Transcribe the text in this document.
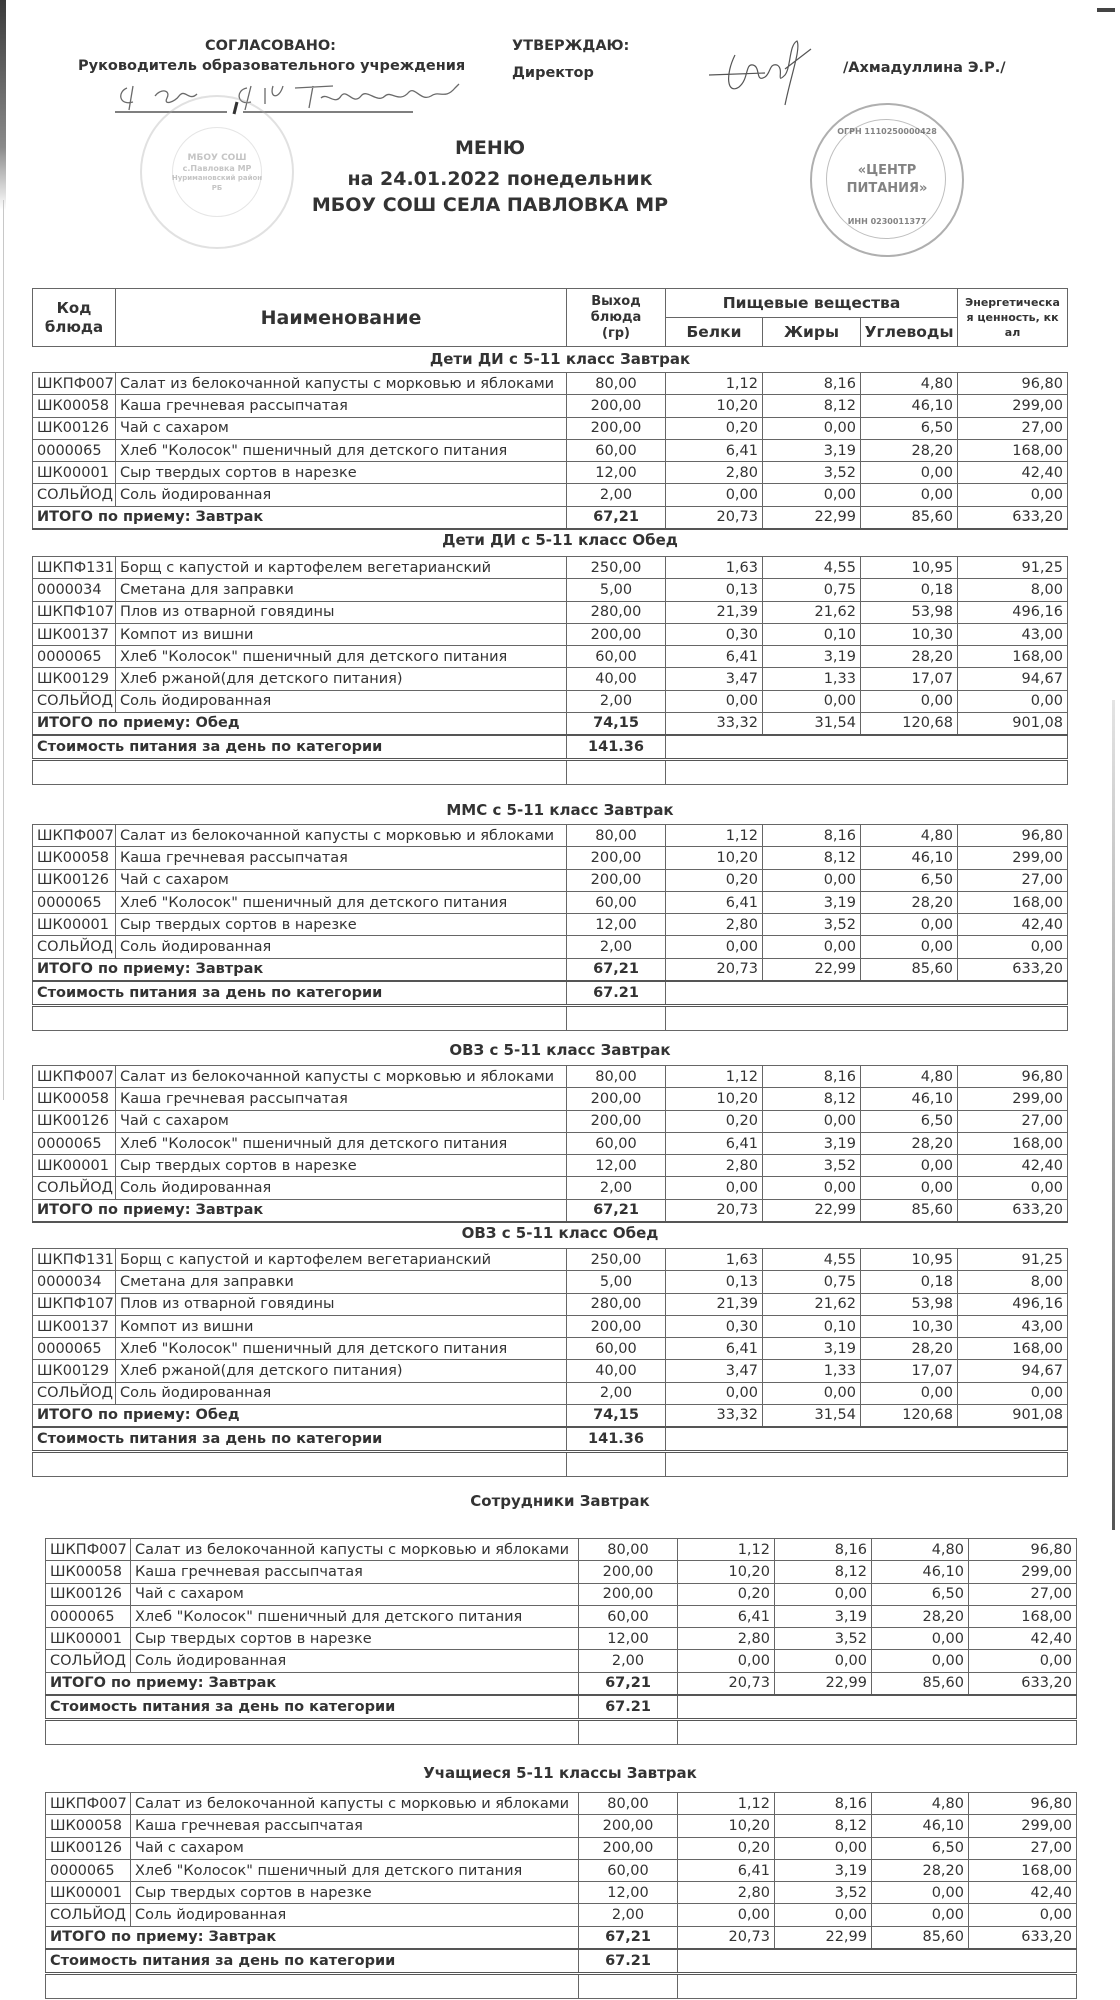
СОГЛАСОВАНО:
Руководитель образовательного учреждения
УТВЕРЖДАЮ:
Директор	/Ахмадуллина Э.Р./
МБОУ СОШ
с.Павловка МР
Нуримановский район
РБ
ОГРН 1110250000428
«ЦЕНТР
ПИТАНИЯ»
ИНН 0230011377
МЕНЮ
на 24.01.2022 понедельник
МБОУ СОШ СЕЛА ПАВЛОВКА МР
Код блюда	Наименование	Выход блюда (гр)	Пищевые вещества			Энергетическая ценность, ккал
			Белки	Жиры	Углеводы	
Дети ДИ с 5-11 класс Завтрак
ШКПФ007	Салат из белокочанной капусты с морковью и яблоками	80,00	1,12	8,16	4,80	96,80
ШК00058	Каша гречневая рассыпчатая	200,00	10,20	8,12	46,10	299,00
ШК00126	Чай с сахаром	200,00	0,20	0,00	6,50	27,00
0000065	Хлеб "Колосок" пшеничный для детского питания	60,00	6,41	3,19	28,20	168,00
ШК00001	Сыр твердых сортов в нарезке	12,00	2,80	3,52	0,00	42,40
СОЛЬЙОД	Соль йодированная	2,00	0,00	0,00	0,00	0,00
ИТОГО по приему: Завтрак		67,21	20,73	22,99	85,60	633,20
Дети ДИ с 5-11 класс Обед
ШКПФ131	Борщ с капустой и картофелем вегетарианский	250,00	1,63	4,55	10,95	91,25
0000034	Сметана для заправки	5,00	0,13	0,75	0,18	8,00
ШКПФ107	Плов из отварной говядины	280,00	21,39	21,62	53,98	496,16
ШК00137	Компот из вишни	200,00	0,30	0,10	10,30	43,00
0000065	Хлеб "Колосок" пшеничный для детского питания	60,00	6,41	3,19	28,20	168,00
ШК00129	Хлеб ржаной(для детского питания)	40,00	3,47	1,33	17,07	94,67
СОЛЬЙОД	Соль йодированная	2,00	0,00	0,00	0,00	0,00
ИТОГО по приему: Обед		74,15	33,32	31,54	120,68	901,08
Стоимость питания за день по категории		141.36				

ММС с 5-11 класс Завтрак
ШКПФ007	Салат из белокочанной капусты с морковью и яблоками	80,00	1,12	8,16	4,80	96,80
ШК00058	Каша гречневая рассыпчатая	200,00	10,20	8,12	46,10	299,00
ШК00126	Чай с сахаром	200,00	0,20	0,00	6,50	27,00
0000065	Хлеб "Колосок" пшеничный для детского питания	60,00	6,41	3,19	28,20	168,00
ШК00001	Сыр твердых сортов в нарезке	12,00	2,80	3,52	0,00	42,40
СОЛЬЙОД	Соль йодированная	2,00	0,00	0,00	0,00	0,00
ИТОГО по приему: Завтрак		67,21	20,73	22,99	85,60	633,20
Стоимость питания за день по категории		67.21				

ОВЗ с 5-11 класс Завтрак
ШКПФ007	Салат из белокочанной капусты с морковью и яблоками	80,00	1,12	8,16	4,80	96,80
ШК00058	Каша гречневая рассыпчатая	200,00	10,20	8,12	46,10	299,00
ШК00126	Чай с сахаром	200,00	0,20	0,00	6,50	27,00
0000065	Хлеб "Колосок" пшеничный для детского питания	60,00	6,41	3,19	28,20	168,00
ШК00001	Сыр твердых сортов в нарезке	12,00	2,80	3,52	0,00	42,40
СОЛЬЙОД	Соль йодированная	2,00	0,00	0,00	0,00	0,00
ИТОГО по приему: Завтрак		67,21	20,73	22,99	85,60	633,20
ОВЗ с 5-11 класс Обед
ШКПФ131	Борщ с капустой и картофелем вегетарианский	250,00	1,63	4,55	10,95	91,25
0000034	Сметана для заправки	5,00	0,13	0,75	0,18	8,00
ШКПФ107	Плов из отварной говядины	280,00	21,39	21,62	53,98	496,16
ШК00137	Компот из вишни	200,00	0,30	0,10	10,30	43,00
0000065	Хлеб "Колосок" пшеничный для детского питания	60,00	6,41	3,19	28,20	168,00
ШК00129	Хлеб ржаной(для детского питания)	40,00	3,47	1,33	17,07	94,67
СОЛЬЙОД	Соль йодированная	2,00	0,00	0,00	0,00	0,00
ИТОГО по приему: Обед		74,15	33,32	31,54	120,68	901,08
Стоимость питания за день по категории		141.36				

Сотрудники Завтрак
ШКПФ007	Салат из белокочанной капусты с морковью и яблоками	80,00	1,12	8,16	4,80	96,80
ШК00058	Каша гречневая рассыпчатая	200,00	10,20	8,12	46,10	299,00
ШК00126	Чай с сахаром	200,00	0,20	0,00	6,50	27,00
0000065	Хлеб "Колосок" пшеничный для детского питания	60,00	6,41	3,19	28,20	168,00
ШК00001	Сыр твердых сортов в нарезке	12,00	2,80	3,52	0,00	42,40
СОЛЬЙОД	Соль йодированная	2,00	0,00	0,00	0,00	0,00
ИТОГО по приему: Завтрак		67,21	20,73	22,99	85,60	633,20
Стоимость питания за день по категории		67.21				

Учащиеся 5-11 классы Завтрак
ШКПФ007	Салат из белокочанной капусты с морковью и яблоками	80,00	1,12	8,16	4,80	96,80
ШК00058	Каша гречневая рассыпчатая	200,00	10,20	8,12	46,10	299,00
ШК00126	Чай с сахаром	200,00	0,20	0,00	6,50	27,00
0000065	Хлеб "Колосок" пшеничный для детского питания	60,00	6,41	3,19	28,20	168,00
ШК00001	Сыр твердых сортов в нарезке	12,00	2,80	3,52	0,00	42,40
СОЛЬЙОД	Соль йодированная	2,00	0,00	0,00	0,00	0,00
ИТОГО по приему: Завтрак		67,21	20,73	22,99	85,60	633,20
Стоимость питания за день по категории		67.21				
